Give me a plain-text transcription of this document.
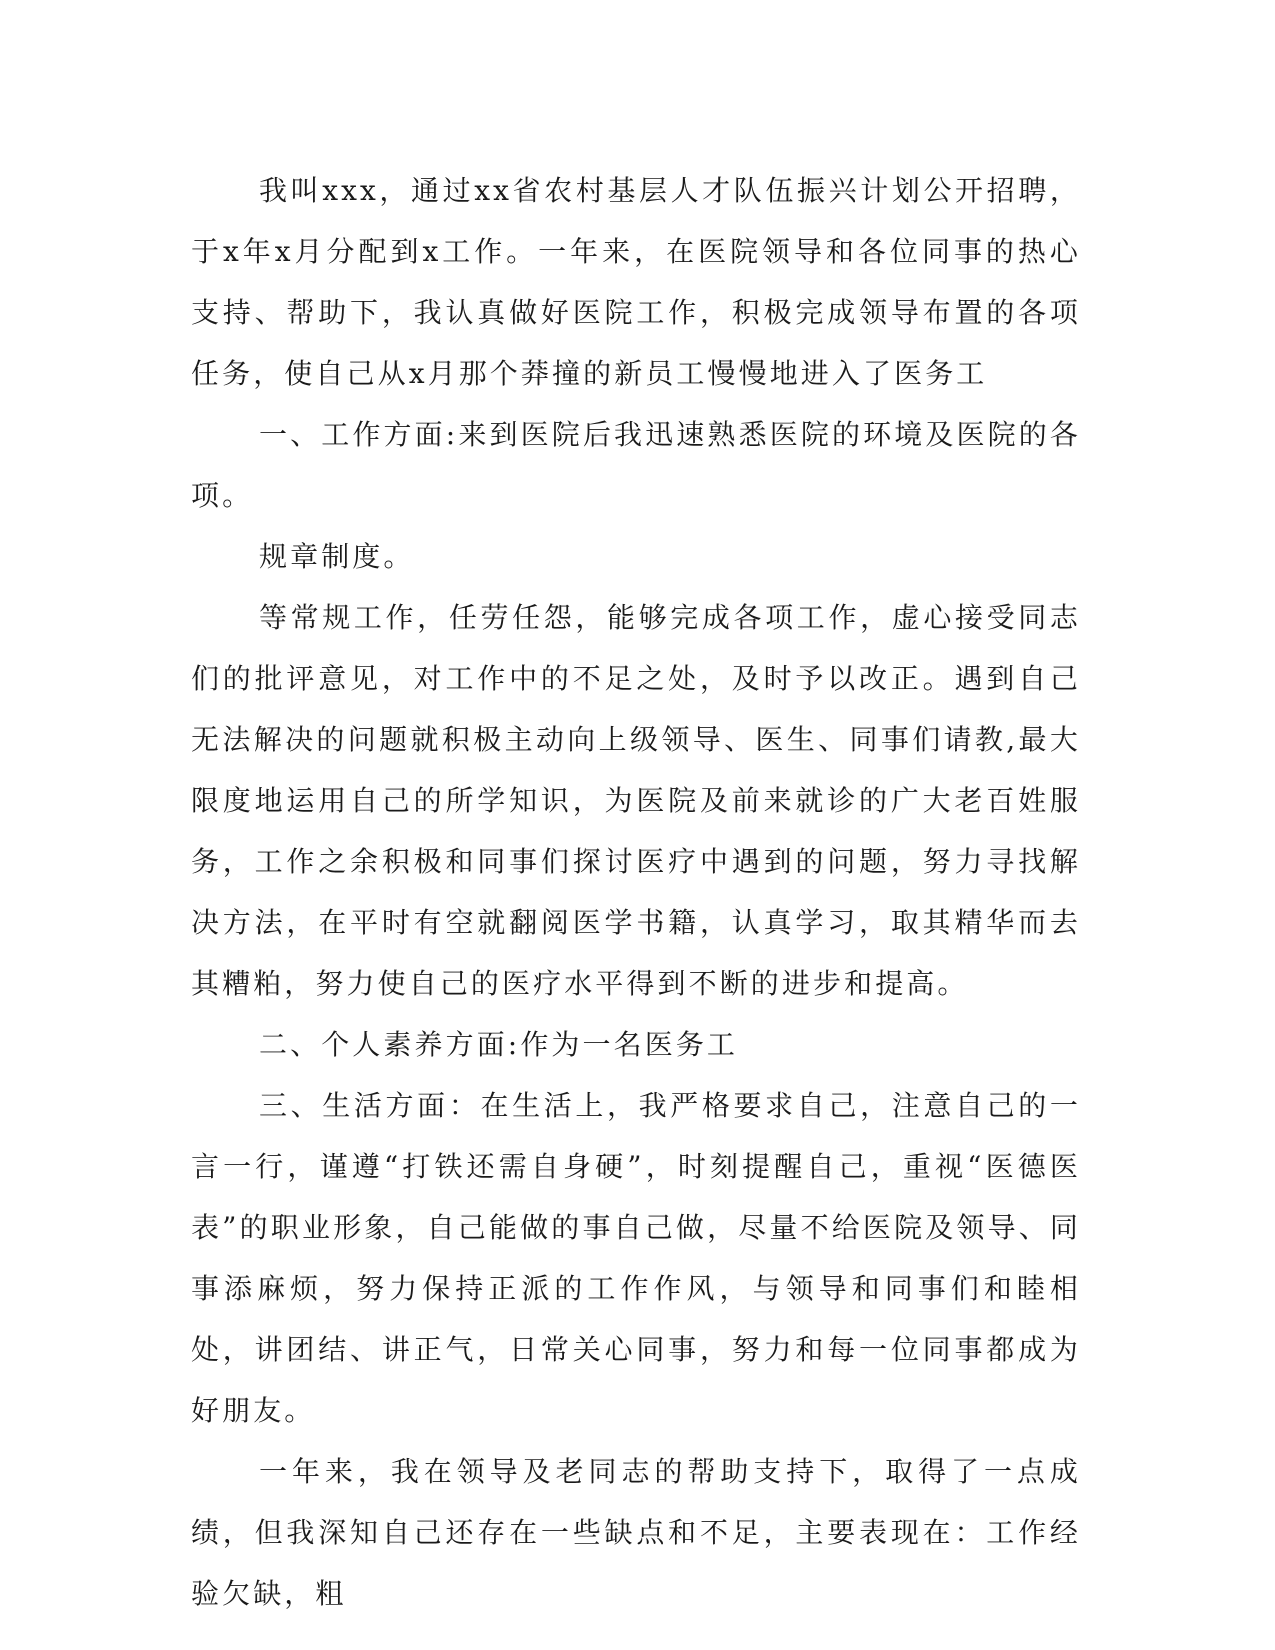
我叫xxx，通过xx省农村基层人才队伍振兴计划公开招聘，于x年x月分配到x工作。一年来，在医院领导和各位同事的热心支持、帮助下，我认真做好医院工作，积极完成领导布置的各项任务，使自己从x月那个莽撞的新员工慢慢地进入了医务工

一、工作方面:来到医院后我迅速熟悉医院的环境及医院的各项。

规章制度。

等常规工作，任劳任怨，能够完成各项工作，虚心接受同志们的批评意见，对工作中的不足之处，及时予以改正。遇到自己无法解决的问题就积极主动向上级领导、医生、同事们请教,最大限度地运用自己的所学知识，为医院及前来就诊的广大老百姓服务，工作之余积极和同事们探讨医疗中遇到的问题，努力寻找解决方法，在平时有空就翻阅医学书籍，认真学习，取其精华而去其糟粕，努力使自己的医疗水平得到不断的进步和提高。

二、个人素养方面:作为一名医务工

三、生活方面：在生活上，我严格要求自己，注意自己的一言一行，谨遵“打铁还需自身硬”，时刻提醒自己，重视“医德医表”的职业形象，自己能做的事自己做，尽量不给医院及领导、同事添麻烦，努力保持正派的工作作风，与领导和同事们和睦相处，讲团结、讲正气，日常关心同事，努力和每一位同事都成为好朋友。

一年来，我在领导及老同志的帮助支持下，取得了一点成绩，但我深知自己还存在一些缺点和不足，主要表现在：工作经验欠缺，粗
